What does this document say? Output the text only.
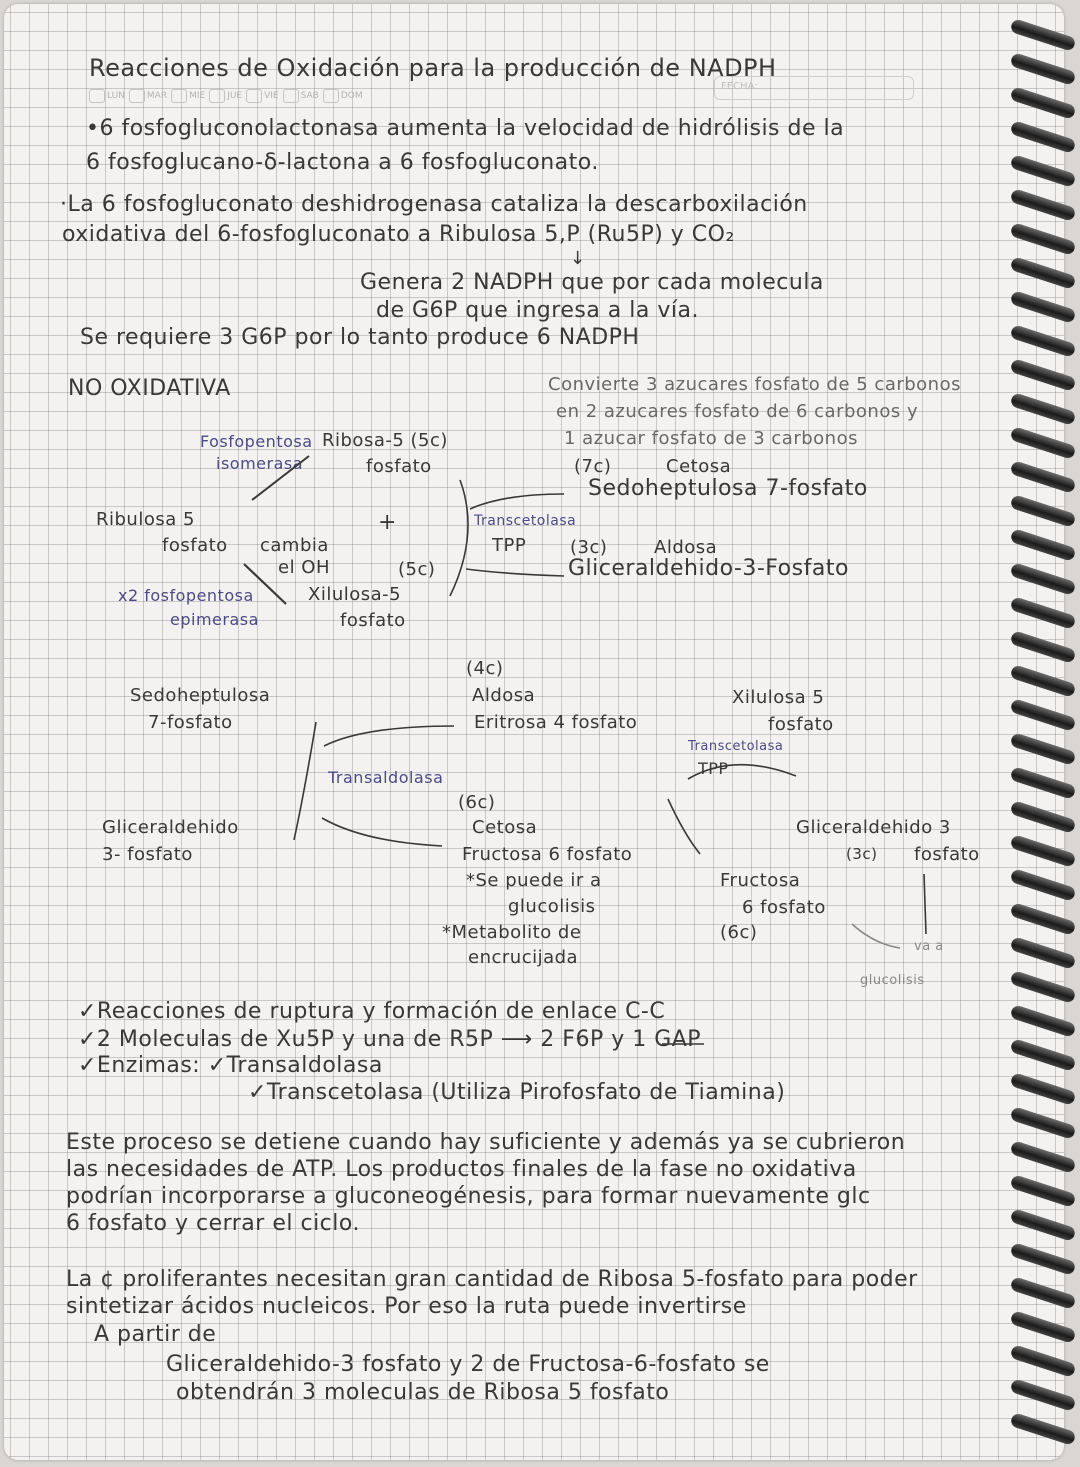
Reacciones de Oxidación para la producción de NADPH
LUN MAR MIE JUE VIE SAB DOM
FECHA:
•6 fosfogluconolactonasa aumenta la velocidad de hidrólisis de la
6 fosfoglucano-δ-lactona a 6 fosfogluconato.
·La 6 fosfogluconato deshidrogenasa cataliza la descarboxilación
oxidativa del 6-fosfogluconato a Ribulosa 5,P (Ru5P) y CO₂
↓
Genera 2 NADPH que por cada molecula
de G6P que ingresa a la vía.
Se requiere 3 G6P por lo tanto produce 6 NADPH
NO OXIDATIVA	Convierte 3 azucares fosfato de 5 carbonos
en 2 azucares fosfato de 6 carbonos y
1 azucar fosfato de 3 carbonos
Fosfopentosa
isomerasa
Ribosa-5 (5c)
fosfato	(7c)	Cetosa
Sedoheptulosa 7-fosfato
Ribulosa 5
fosfato cambia
el OH
+	Transcetolasa
TPP (3c)	Aldosa
Gliceraldehido-3-Fosfato
(5c)
x2 fosfopentosa
epimerasa
Xilulosa-5
fosfato
(4c)
Aldosa
Eritrosa 4 fosfato
Sedoheptulosa
7-fosfato
Xilulosa 5
fosfato
Transcetolasa
TPP
Transaldolasa
(6c)
Cetosa
Fructosa 6 fosfato
*Se puede ir a
glucolisis
*Metabolito de
encrucijada
Gliceraldehido
3- fosfato
Gliceraldehido 3
(3c) fosfato
Fructosa
6 fosfato
(6c)
va a
glucolisis
✓Reacciones de ruptura y formación de enlace C-C
✓2 Moleculas de Xu5P y una de R5P ⟶ 2 F6P y 1 GAP
✓Enzimas: ✓Transaldolasa
✓Transcetolasa (Utiliza Pirofosfato de Tiamina)
Este proceso se detiene cuando hay suficiente y además ya se cubrieron
las necesidades de ATP. Los productos finales de la fase no oxidativa
podrían incorporarse a gluconeogénesis, para formar nuevamente glc
6 fosfato y cerrar el ciclo.
La ¢ proliferantes necesitan gran cantidad de Ribosa 5-fosfato para poder
sintetizar ácidos nucleicos. Por eso la ruta puede invertirse
A partir de
Gliceraldehido-3 fosfato y 2 de Fructosa-6-fosfato se
obtendrán 3 moleculas de Ribosa 5 fosfato
